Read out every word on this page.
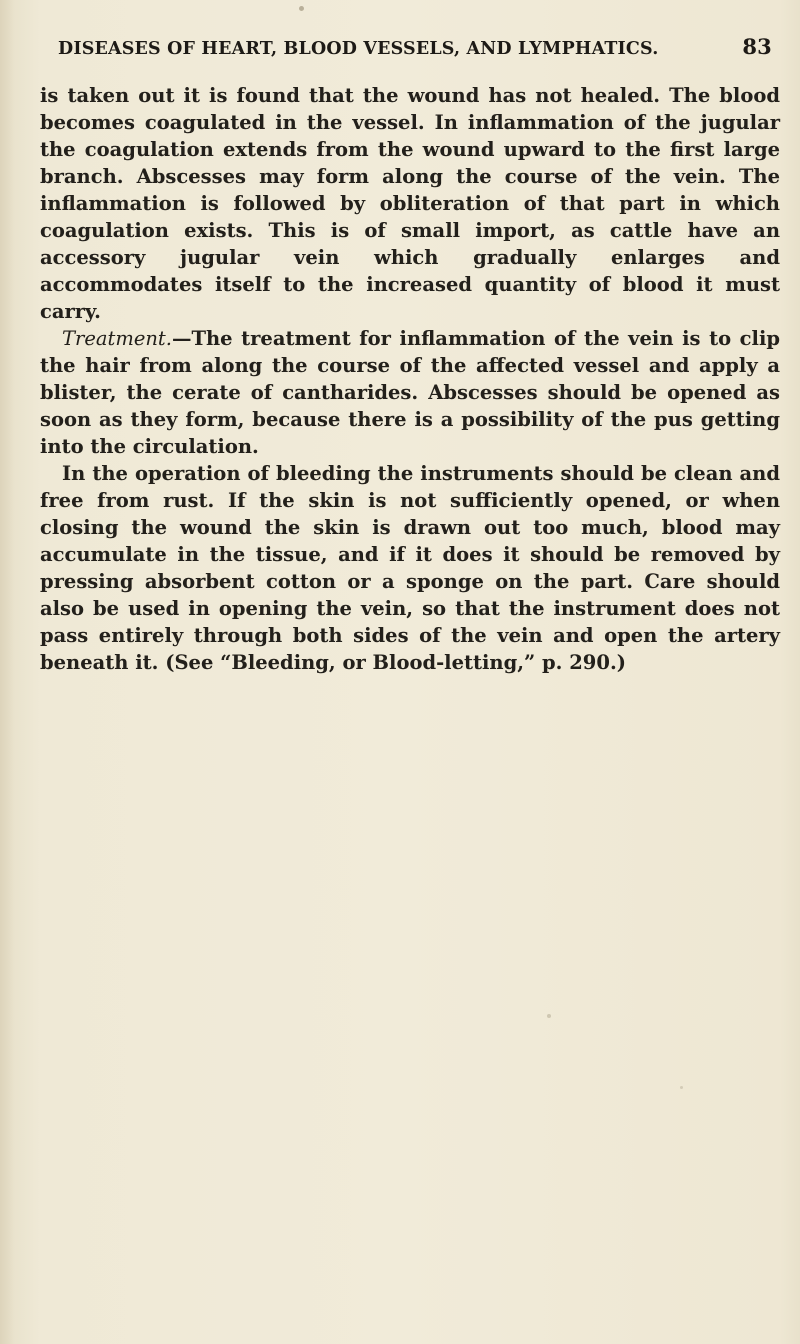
DISEASES OF HEART, BLOOD VESSELS, AND LYMPHATICS.	83

is taken out it is found that the wound has not healed. The blood becomes coagulated in the vessel. In inflammation of the jugular the coagulation extends from the wound upward to the first large branch. Abscesses may form along the course of the vein. The inflammation is followed by obliteration of that part in which coagulation exists. This is of small import, as cattle have an accessory jugular vein which gradually enlarges and accommodates itself to the increased quantity of blood it must carry.

Treatment.—The treatment for inflammation of the vein is to clip the hair from along the course of the affected vessel and apply a blister, the cerate of cantharides. Abscesses should be opened as soon as they form, because there is a possibility of the pus getting into the circulation.

In the operation of bleeding the instruments should be clean and free from rust. If the skin is not sufficiently opened, or when closing the wound the skin is drawn out too much, blood may accumulate in the tissue, and if it does it should be removed by pressing absorbent cotton or a sponge on the part. Care should also be used in opening the vein, so that the instrument does not pass entirely through both sides of the vein and open the artery beneath it. (See “Bleeding, or Blood-letting,” p. 290.)
